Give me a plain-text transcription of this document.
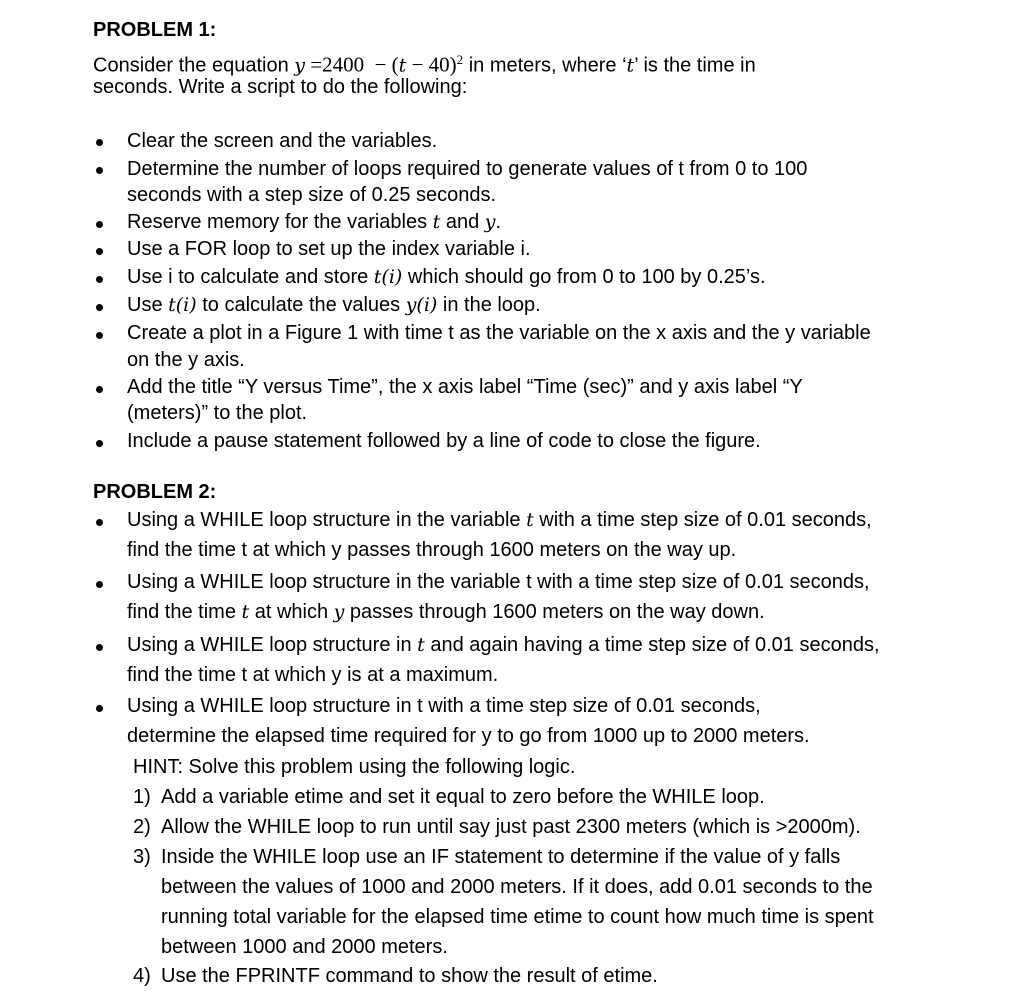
PROBLEM 1:
Consider the equation $y =2400 - (t - 40)^2$ in meters, where ‘t’ is the time in
seconds. Write a script to do the following:
Clear the screen and the variables.
Determine the number of loops required to generate values of t from 0 to 100
seconds with a step size of 0.25 seconds.
Reserve memory for the variables t and y.
Use a FOR loop to set up the index variable i.
Use i to calculate and store t(i) which should go from 0 to 100 by 0.25’s.
Use t(i) to calculate the values y(i) in the loop.
Create a plot in a Figure 1 with time t as the variable on the x axis and the y variable
on the y axis.
Add the title “Y versus Time”, the x axis label “Time (sec)” and y axis label “Y
(meters)” to the plot.
Include a pause statement followed by a line of code to close the figure.
PROBLEM 2:
Using a WHILE loop structure in the variable t with a time step size of 0.01 seconds,
find the time t at which y passes through 1600 meters on the way up.
Using a WHILE loop structure in the variable t with a time step size of 0.01 seconds,
find the time t at which y passes through 1600 meters on the way down.
Using a WHILE loop structure in t and again having a time step size of 0.01 seconds,
find the time t at which y is at a maximum.
Using a WHILE loop structure in t with a time step size of 0.01 seconds,
determine the elapsed time required for y to go from 1000 up to 2000 meters.
HINT: Solve this problem using the following logic.
1) Add a variable etime and set it equal to zero before the WHILE loop.
2) Allow the WHILE loop to run until say just past 2300 meters (which is >2000m).
3) Inside the WHILE loop use an IF statement to determine if the value of y falls
between the values of 1000 and 2000 meters. If it does, add 0.01 seconds to the
running total variable for the elapsed time etime to count how much time is spent
between 1000 and 2000 meters.
4) Use the FPRINTF command to show the result of etime.
